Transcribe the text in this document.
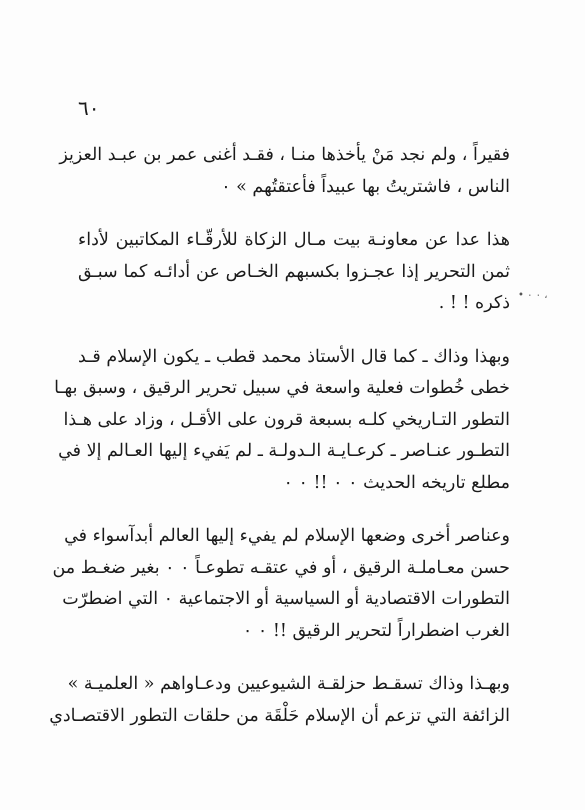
٦٠
• ٠ ٠ ،

فقيراً ، ولم نجد مَنْ يأخذها منـا ، فقـد أغنى عمر بن عبـد العزيز
الناس ، فاشتريتُ بها عبيداً فأعتقتُهم » ٠

هذا عدا عن معاونـة بيت مـال الزكاة للأرقّـاء المكاتبين لأداء
ثمن التحرير إذا عجـزوا بكسبهم الخـاص عن أدائـه كما سبـق
ذكره ! ! .

وبهذا وذاك ـ كما قال الأستاذ محمد قطب ـ يكون الإسلام قـد
خطى خُطوات فعلية واسعة في سبيل تحرير الرقيق ، وسبق بهـا
التطور التـاريخي كلـه بسبعة قرون على الأقـل ، وزاد على هـذا
التطـور عنـاصر ـ كرعـايـة الـدولـة ـ لم يَفيء إليها العـالم إلا في
مطلع تاريخه الحديث ٠ ٠ !! ٠ ٠

وعناصر أخرى وضعها الإسلام لم يفيء إليها العالم أبدآسواء في
حسن معـاملـة الرقيق ، أو في عتقـه تطوعـاً ٠ ٠ بغير ضغـط من
التطورات الاقتصادية أو السياسية أو الاجتماعية ٠ التي اضطرّت
الغرب اضطراراً لتحرير الرقيق !! ٠ ٠

وبهـذا وذاك تسقـط حزلقـة الشيوعيين ودعـاواهم « العلميـة »
الزائفة التي تزعم أن الإسلام حَلْقَة من حلقات التطور الاقتصـادي
